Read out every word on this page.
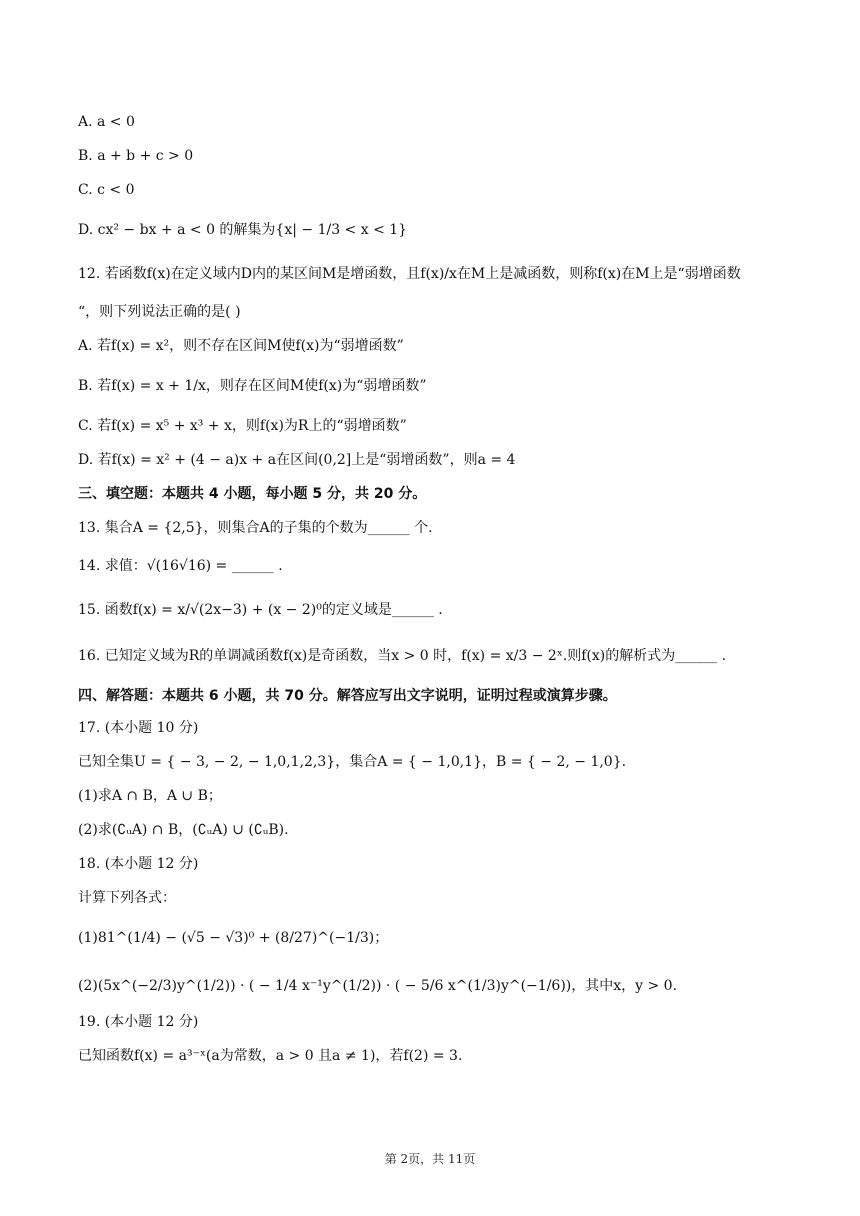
A. a < 0
B. a + b + c > 0
C. c < 0
D. cx² − bx + a < 0 的解集为{x| − 1/3 < x < 1}
12. 若函数f(x)在定义域内D内的某区间M是增函数，且f(x)/x在M上是减函数，则称f(x)在M上是“弱增函数
“，则下列说法正确的是( )
A. 若f(x) = x²，则不存在区间M使f(x)为“弱增函数”
B. 若f(x) = x + 1/x，则存在区间M使f(x)为“弱增函数”
C. 若f(x) = x⁵ + x³ + x，则f(x)为R上的“弱增函数”
D. 若f(x) = x² + (4 − a)x + a在区间(0,2]上是“弱增函数”，则a = 4
三、填空题：本题共 4 小题，每小题 5 分，共 20 分。
13. 集合A = {2,5}，则集合A的子集的个数为______ 个.
14. 求值：√(16√16) = ______ .
15. 函数f(x) = x/√(2x−3) + (x − 2)⁰的定义域是______ .
16. 已知定义域为R的单调减函数f(x)是奇函数，当x > 0 时，f(x) = x/3 − 2ˣ.则f(x)的解析式为______ .
四、解答题：本题共 6 小题，共 70 分。解答应写出文字说明，证明过程或演算步骤。
17. (本小题 10 分)
已知全集U = { − 3, − 2, − 1,0,1,2,3}，集合A = { − 1,0,1}，B = { − 2, − 1,0}.
(1)求A ∩ B，A ∪ B；
(2)求(∁ᵤA) ∩ B，(∁ᵤA) ∪ (∁ᵤB).
18. (本小题 12 分)
计算下列各式：
(1)81^(1/4) − (√5 − √3)⁰ + (8/27)^(−1/3)；
(2)(5x^(−2/3)y^(1/2)) · ( − 1/4 x⁻¹y^(1/2)) · ( − 5/6 x^(1/3)y^(−1/6))，其中x，y > 0.
19. (本小题 12 分)
已知函数f(x) = a³⁻ˣ(a为常数，a > 0 且a ≠ 1)，若f(2) = 3.
第 2页，共 11页
